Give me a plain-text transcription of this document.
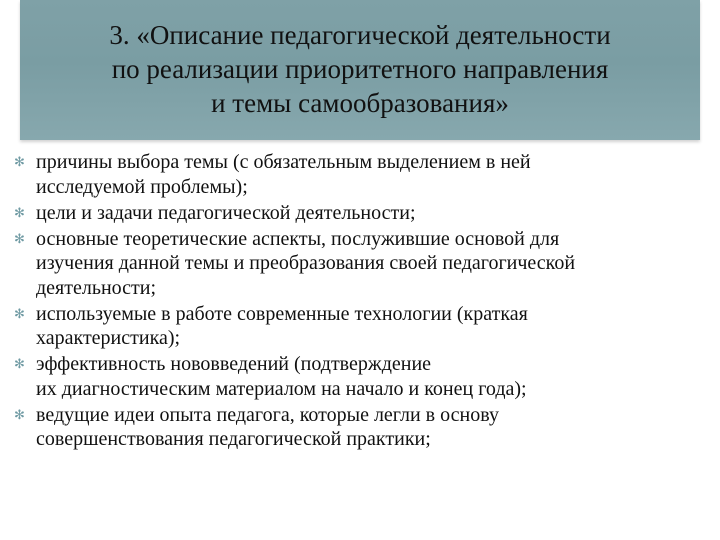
3. «Описание педагогической деятельности
по реализации приоритетного направления
и темы самообразования»
✻ причины выбора темы (с обязательным выделением в ней
исследуемой проблемы);
✻ цели и задачи педагогической деятельности;
✻ основные теоретические аспекты, послужившие основой для
изучения данной темы и преобразования своей педагогической
деятельности;
✻ используемые в работе современные технологии (краткая
характеристика);
✻ эффективность нововведений (подтверждение
их диагностическим материалом на начало и конец года);
✻ ведущие идеи опыта педагога, которые легли в основу
совершенствования педагогической практики;
